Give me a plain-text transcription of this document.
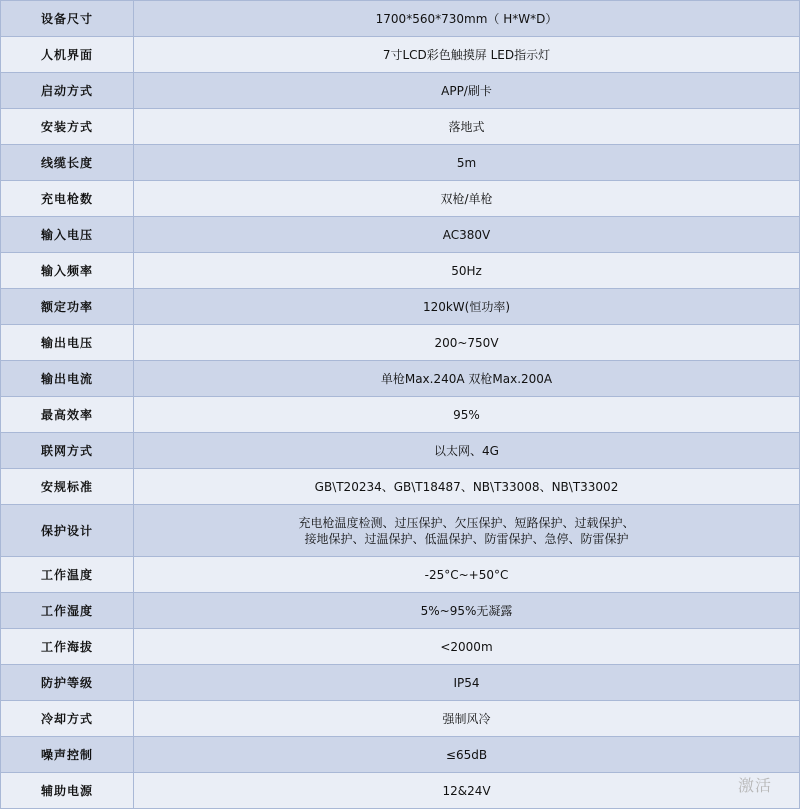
设备尺寸	1700*560*730mm（ H*W*D）
人机界面	7寸LCD彩色触摸屏 LED指示灯
启动方式	APP/刷卡
安装方式	落地式
线缆长度	5m
充电枪数	双枪/单枪
输入电压	AC380V
输入频率	50Hz
额定功率	120kW(恒功率)
输出电压	200~750V
输出电流	单枪Max.240A 双枪Max.200A
最高效率	95%
联网方式	以太网、4G
安规标准	GB\T20234、GB\T18487、NB\T33008、NB\T33002
保护设计	充电枪温度检测、过压保护、欠压保护、短路保护、过载保护、
接地保护、过温保护、低温保护、防雷保护、急停、防雷保护

工作温度	-25°C~+50°C
工作湿度	5%~95%无凝露
工作海拔	<2000m
防护等级	IP54
冷却方式	强制风冷
噪声控制	≤65dB
辅助电源	12&24V	激活
